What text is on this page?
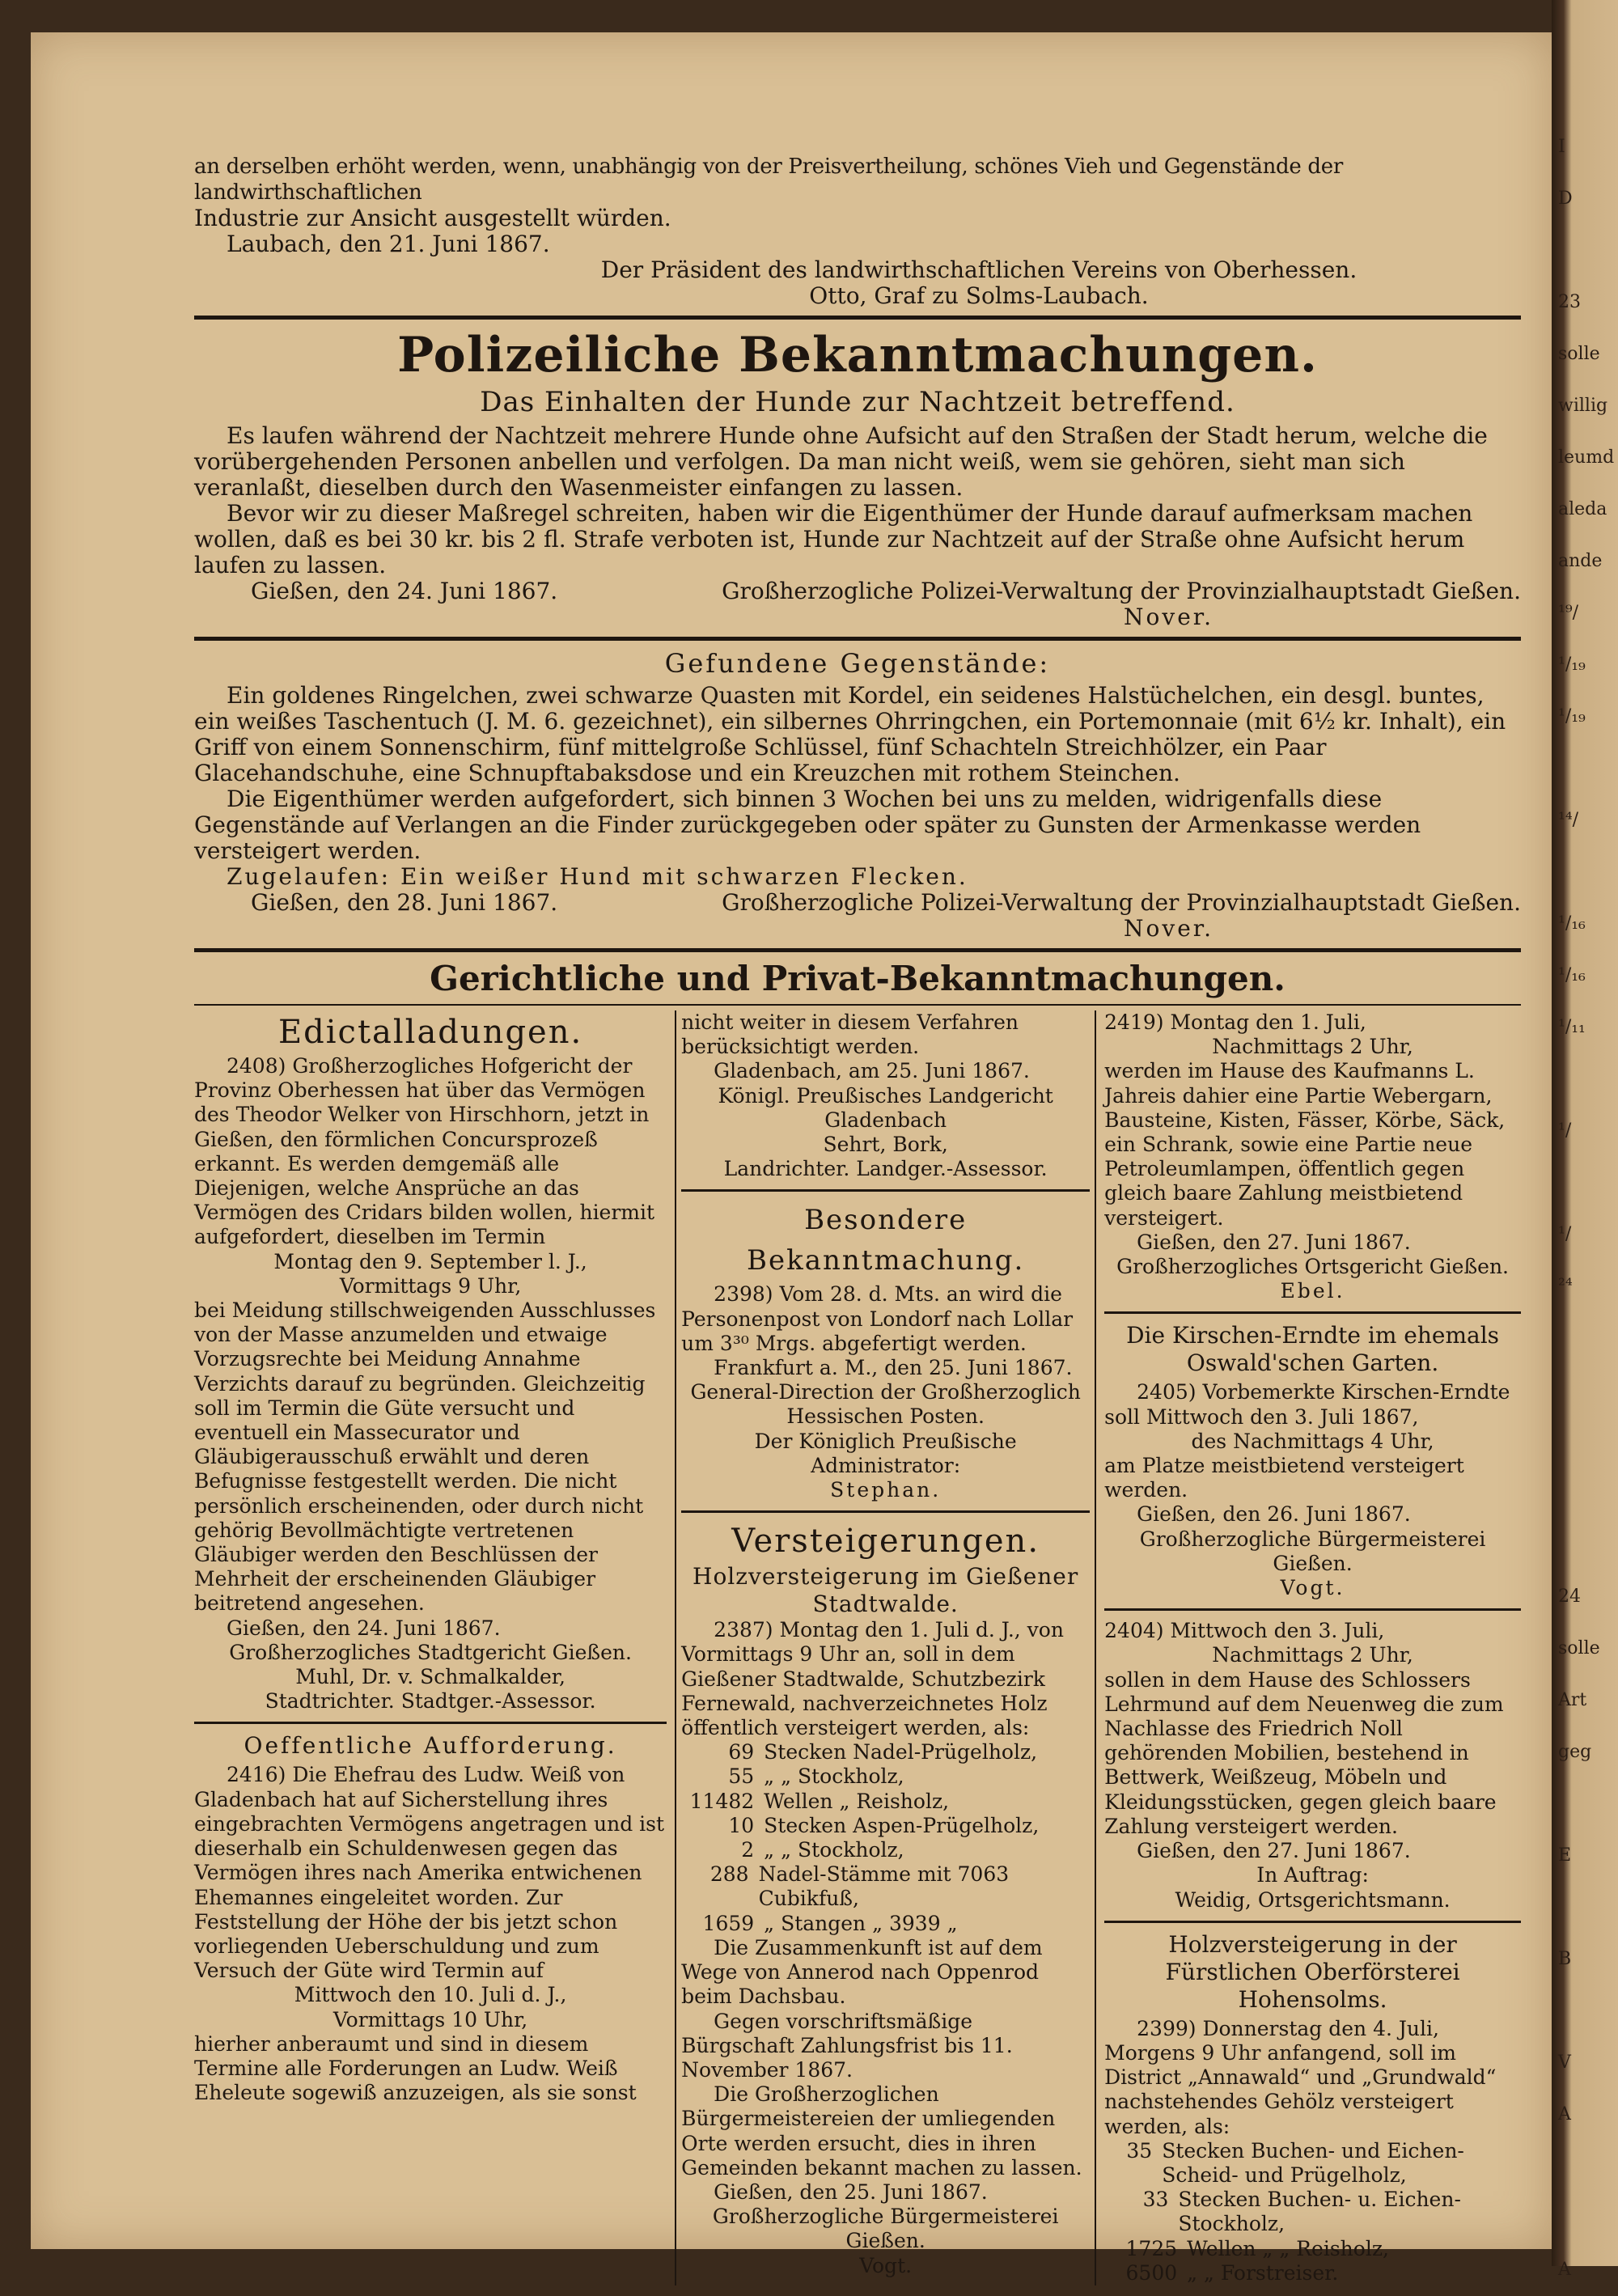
an derselben erhöht werden, wenn, unabhängig von der Preisvertheilung, schönes Vieh und Gegenstände der landwirthschaftlichen

Industrie zur Ansicht ausgestellt würden.

Laubach, den 21. Juni 1867.

Der Präsident des landwirthschaftlichen Vereins von Oberhessen.

Otto, Graf zu Solms-Laubach.

Polizeiliche Bekanntmachungen.
Das Einhalten der Hunde zur Nachtzeit betreffend.

Es laufen während der Nachtzeit mehrere Hunde ohne Aufsicht auf den Straßen der Stadt herum, welche die vorübergehenden Personen anbellen und verfolgen. Da man nicht weiß, wem sie gehören, sieht man sich veranlaßt, dieselben durch den Wasenmeister einfangen zu lassen.

Bevor wir zu dieser Maßregel schreiten, haben wir die Eigenthümer der Hunde darauf aufmerksam machen wollen, daß es bei 30 kr. bis 2 fl. Strafe verboten ist, Hunde zur Nachtzeit auf der Straße ohne Aufsicht herum laufen zu lassen.

Gießen, den 24. Juni 1867.	Großherzogliche Polizei-Verwaltung der Provinzialhauptstadt Gießen.

Nover.

Gefundene Gegenstände:

Ein goldenes Ringelchen, zwei schwarze Quasten mit Kordel, ein seidenes Halstüchelchen, ein desgl. buntes, ein weißes Taschentuch (J. M. 6. gezeichnet), ein silbernes Ohrringchen, ein Portemonnaie (mit 6½ kr. Inhalt), ein Griff von einem Sonnenschirm, fünf mittelgroße Schlüssel, fünf Schachteln Streichhölzer, ein Paar Glacehandschuhe, eine Schnupftabaksdose und ein Kreuzchen mit rothem Steinchen.

Die Eigenthümer werden aufgefordert, sich binnen 3 Wochen bei uns zu melden, widrigenfalls diese Gegenstände auf Verlangen an die Finder zurückgegeben oder später zu Gunsten der Armenkasse werden versteigert werden.

Zugelaufen: Ein weißer Hund mit schwarzen Flecken.

Gießen, den 28. Juni 1867.	Großherzogliche Polizei-Verwaltung der Provinzialhauptstadt Gießen.

Nover.

Gerichtliche und Privat-Bekanntmachungen.
Edictalladungen.

2408) Großherzogliches Hofgericht der Provinz Oberhessen hat über das Vermögen des Theodor Welker von Hirschhorn, jetzt in Gießen, den förmlichen Concursprozeß erkannt. Es werden demgemäß alle Diejenigen, welche Ansprüche an das Vermögen des Cridars bilden wollen, hiermit aufgefordert, dieselben im Termin

Montag den 9. September l. J.,

Vormittags 9 Uhr,

bei Meidung stillschweigenden Ausschlusses von der Masse anzumelden und etwaige Vorzugsrechte bei Meidung Annahme Verzichts darauf zu begründen. Gleichzeitig soll im Termin die Güte versucht und eventuell ein Massecurator und Gläubigerausschuß erwählt und deren Befugnisse festgestellt werden. Die nicht persönlich erscheinenden, oder durch nicht gehörig Bevollmächtigte vertretenen Gläubiger werden den Beschlüssen der Mehrheit der erscheinenden Gläubiger beitretend angesehen.

Gießen, den 24. Juni 1867.

Großherzogliches Stadtgericht Gießen.

Muhl, Dr. v. Schmalkalder,

Stadtrichter. Stadtger.-Assessor.

Oeffentliche Aufforderung.

2416) Die Ehefrau des Ludw. Weiß von Gladenbach hat auf Sicherstellung ihres eingebrachten Vermögens angetragen und ist dieserhalb ein Schuldenwesen gegen das Vermögen ihres nach Amerika entwichenen Ehemannes eingeleitet worden. Zur Feststellung der Höhe der bis jetzt schon vorliegenden Ueberschuldung und zum Versuch der Güte wird Termin auf

Mittwoch den 10. Juli d. J.,

Vormittags 10 Uhr,

hierher anberaumt und sind in diesem Termine alle Forderungen an Ludw. Weiß Eheleute sogewiß anzuzeigen, als sie sonst

nicht weiter in diesem Verfahren berücksichtigt werden.

Gladenbach, am 25. Juni 1867.

Königl. Preußisches Landgericht Gladenbach

Sehrt, Bork,

Landrichter. Landger.-Assessor.

Besondere Bekanntmachung.

2398) Vom 28. d. Mts. an wird die Personenpost von Londorf nach Lollar um 3³⁰ Mrgs. abgefertigt werden.

Frankfurt a. M., den 25. Juni 1867.

General-Direction der Großherzoglich

Hessischen Posten.

Der Königlich Preußische Administrator:

Stephan.

Versteigerungen.

Holzversteigerung im Gießener Stadtwalde.

2387) Montag den 1. Juli d. J., von Vormittags 9 Uhr an, soll in dem Gießener Stadtwalde, Schutzbezirk Fernewald, nachverzeichnetes Holz öffentlich versteigert werden, als:

69 Stecken Nadel-Prügelholz,
55 „ „ Stockholz,
11482 Wellen „ Reisholz,
10 Stecken Aspen-Prügelholz,
2 „ „ Stockholz,
288 Nadel-Stämme mit 7063 Cubikfuß,
1659 „ Stangen „ 3939 „

Die Zusammenkunft ist auf dem Wege von Annerod nach Oppenrod beim Dachsbau.

Gegen vorschriftsmäßige Bürgschaft Zahlungsfrist bis 11. November 1867.

Die Großherzoglichen Bürgermeistereien der umliegenden Orte werden ersucht, dies in ihren Gemeinden bekannt machen zu lassen.

Gießen, den 25. Juni 1867.

Großherzogliche Bürgermeisterei Gießen.

Vogt.

2419) Montag den 1. Juli,

Nachmittags 2 Uhr,

werden im Hause des Kaufmanns L. Jahreis dahier eine Partie Webergarn, Bausteine, Kisten, Fässer, Körbe, Säck, ein Schrank, sowie eine Partie neue Petroleumlampen, öffentlich gegen gleich baare Zahlung meistbietend versteigert.

Gießen, den 27. Juni 1867.

Großherzogliches Ortsgericht Gießen.

Ebel.

Die Kirschen-Erndte im ehemals Oswald'schen Garten.

2405) Vorbemerkte Kirschen-Erndte soll Mittwoch den 3. Juli 1867,

des Nachmittags 4 Uhr,

am Platze meistbietend versteigert werden.

Gießen, den 26. Juni 1867.

Großherzogliche Bürgermeisterei Gießen.

Vogt.

2404) Mittwoch den 3. Juli,

Nachmittags 2 Uhr,

sollen in dem Hause des Schlossers Lehrmund auf dem Neuenweg die zum Nachlasse des Friedrich Noll gehörenden Mobilien, bestehend in Bettwerk, Weißzeug, Möbeln und Kleidungsstücken, gegen gleich baare Zahlung versteigert werden.

Gießen, den 27. Juni 1867.

In Auftrag:

Weidig, Ortsgerichtsmann.

Holzversteigerung in der Fürstlichen Oberförsterei Hohensolms.

2399) Donnerstag den 4. Juli, Morgens 9 Uhr anfangend, soll im District „Annawald“ und „Grundwald“ nachstehendes Gehölz versteigert werden, als:

35 Stecken Buchen- und Eichen-Scheid- und Prügelholz,
33 Stecken Buchen- u. Eichen-Stockholz,
1725 Wellen „ „ Reisholz,
6500 „ „ Forstreiser.
I
D

23
solle
willig
leumd
aleda
ande
¹⁹/
¹/₁₉
¹/₁₉

¹⁴/

¹/₁₆
¹/₁₆
¹/₁₁

¹/

¹/
²⁴

24
solle
Art
geg

E

B

V
A

A
